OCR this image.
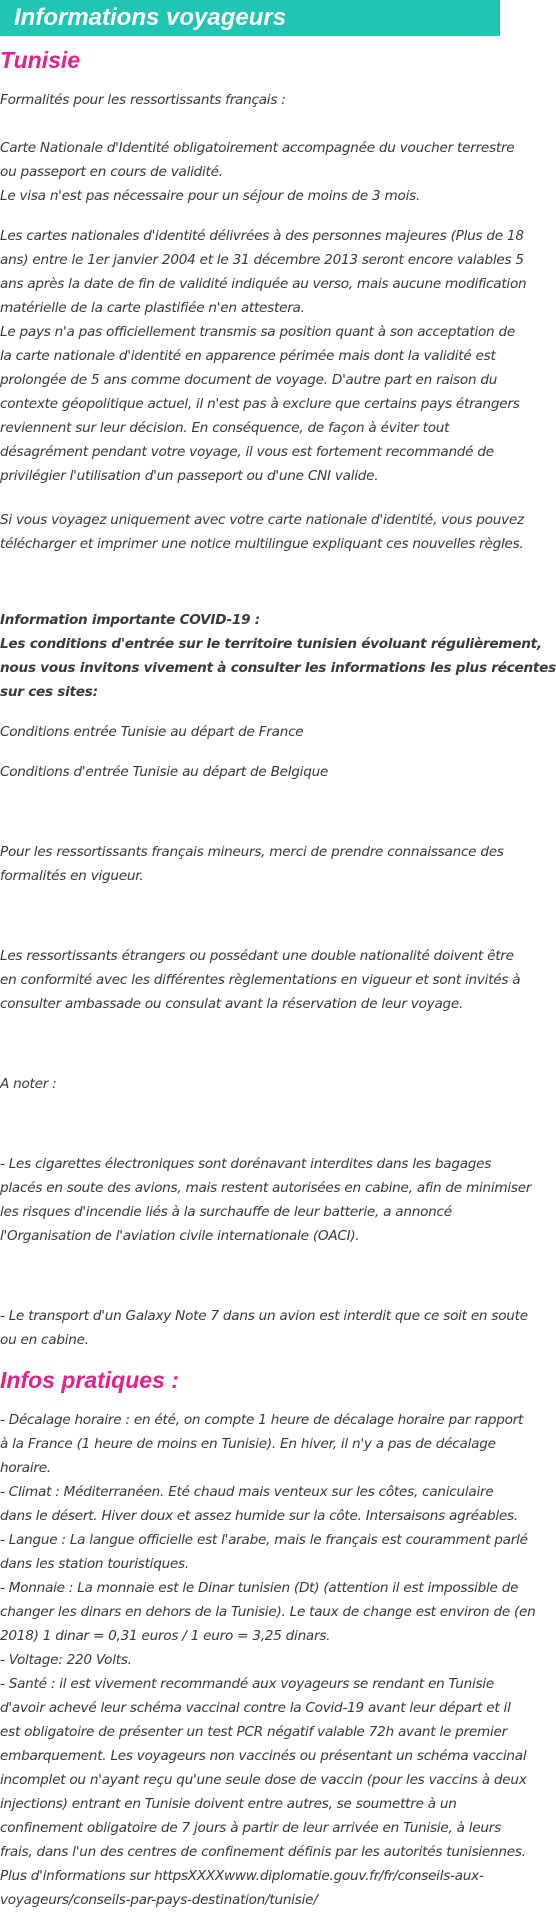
Informations voyageurs
Tunisie
Formalités pour les ressortissants français :
Carte Nationale d'Identité obligatoirement accompagnée du voucher terrestre
ou passeport en cours de validité.
Le visa n'est pas nécessaire pour un séjour de moins de 3 mois.
Les cartes nationales d'identité délivrées à des personnes majeures (Plus de 18
ans) entre le 1er janvier 2004 et le 31 décembre 2013 seront encore valables 5
ans après la date de fin de validité indiquée au verso, mais aucune modification
matérielle de la carte plastifiée n'en attestera.
Le pays n'a pas officiellement transmis sa position quant à son acceptation de
la carte nationale d'identité en apparence périmée mais dont la validité est
prolongée de 5 ans comme document de voyage. D'autre part en raison du
contexte géopolitique actuel, il n'est pas à exclure que certains pays étrangers
reviennent sur leur décision. En conséquence, de façon à éviter tout
désagrément pendant votre voyage, il vous est fortement recommandé de
privilégier l'utilisation d'un passeport ou d'une CNI valide.
Si vous voyagez uniquement avec votre carte nationale d'identité, vous pouvez
télécharger et imprimer une notice multilingue expliquant ces nouvelles règles.
Information importante COVID-19 :
Les conditions d'entrée sur le territoire tunisien évoluant régulièrement,
nous vous invitons vivement à consulter les informations les plus récentes
sur ces sites:
Conditions entrée Tunisie au départ de France
Conditions d'entrée Tunisie au départ de Belgique
Pour les ressortissants français mineurs, merci de prendre connaissance des
formalités en vigueur.
Les ressortissants étrangers ou possédant une double nationalité doivent être
en conformité avec les différentes règlementations en vigueur et sont invités à
consulter ambassade ou consulat avant la réservation de leur voyage.
A noter :
- Les cigarettes électroniques sont dorénavant interdites dans les bagages
placés en soute des avions, mais restent autorisées en cabine, afin de minimiser
les risques d'incendie liés à la surchauffe de leur batterie, a annoncé
l'Organisation de l'aviation civile internationale (OACI).
- Le transport d'un Galaxy Note 7 dans un avion est interdit que ce soit en soute
ou en cabine.
Infos pratiques :
- Décalage horaire : en été, on compte 1 heure de décalage horaire par rapport
à la France (1 heure de moins en Tunisie). En hiver, il n'y a pas de décalage
horaire.
- Climat : Méditerranéen. Eté chaud mais venteux sur les côtes, caniculaire
dans le désert. Hiver doux et assez humide sur la côte. Intersaisons agréables.
- Langue : La langue officielle est l'arabe, mais le français est couramment parlé
dans les station touristiques.
- Monnaie : La monnaie est le Dinar tunisien (Dt) (attention il est impossible de
changer les dinars en dehors de la Tunisie). Le taux de change est environ de (en
2018) 1 dinar = 0,31 euros / 1 euro = 3,25 dinars.
- Voltage: 220 Volts.
- Santé : il est vivement recommandé aux voyageurs se rendant en Tunisie
d'avoir achevé leur schéma vaccinal contre la Covid-19 avant leur départ et il
est obligatoire de présenter un test PCR négatif valable 72h avant le premier
embarquement. Les voyageurs non vaccinés ou présentant un schéma vaccinal
incomplet ou n'ayant reçu qu'une seule dose de vaccin (pour les vaccins à deux
injections) entrant en Tunisie doivent entre autres, se soumettre à un
confinement obligatoire de 7 jours à partir de leur arrivée en Tunisie, à leurs
frais, dans l'un des centres de confinement définis par les autorités tunisiennes.
Plus d'informations sur httpsXXXXwww.diplomatie.gouv.fr/fr/conseils-aux-
voyageurs/conseils-par-pays-destination/tunisie/
